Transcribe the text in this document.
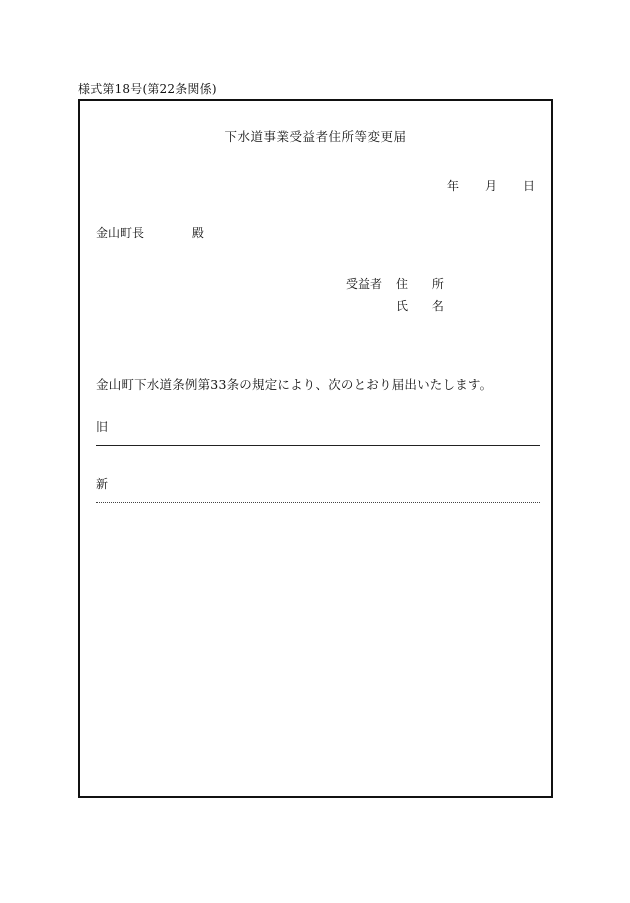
様式第18号(第22条関係)
下水道事業受益者住所等変更届
年 月 日
金山町長	殿
受益者	住 所
氏 名
金山町下水道条例第33条の規定により、次のとおり届出いたします。
旧
新
